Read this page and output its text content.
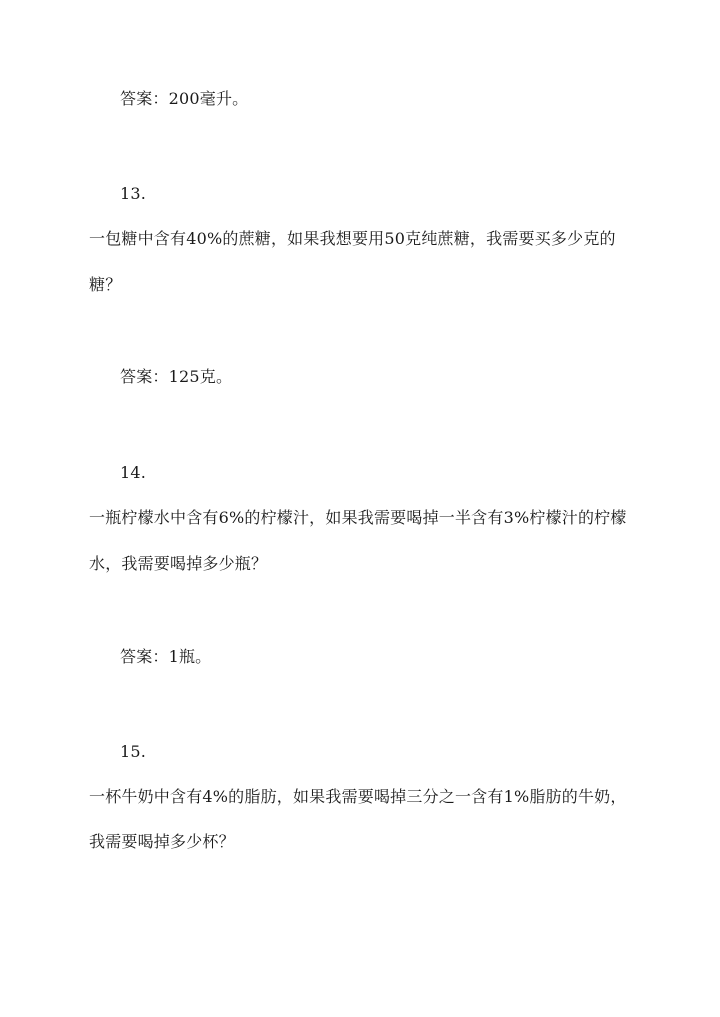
答案：200毫升。
13.
一包糖中含有40%的蔗糖，如果我想要用50克纯蔗糖，我需要买多少克的
糖？
答案：125克。
14.
一瓶柠檬水中含有6%的柠檬汁，如果我需要喝掉一半含有3%柠檬汁的柠檬
水，我需要喝掉多少瓶？
答案：1瓶。
15.
一杯牛奶中含有4%的脂肪，如果我需要喝掉三分之一含有1%脂肪的牛奶，
我需要喝掉多少杯？
